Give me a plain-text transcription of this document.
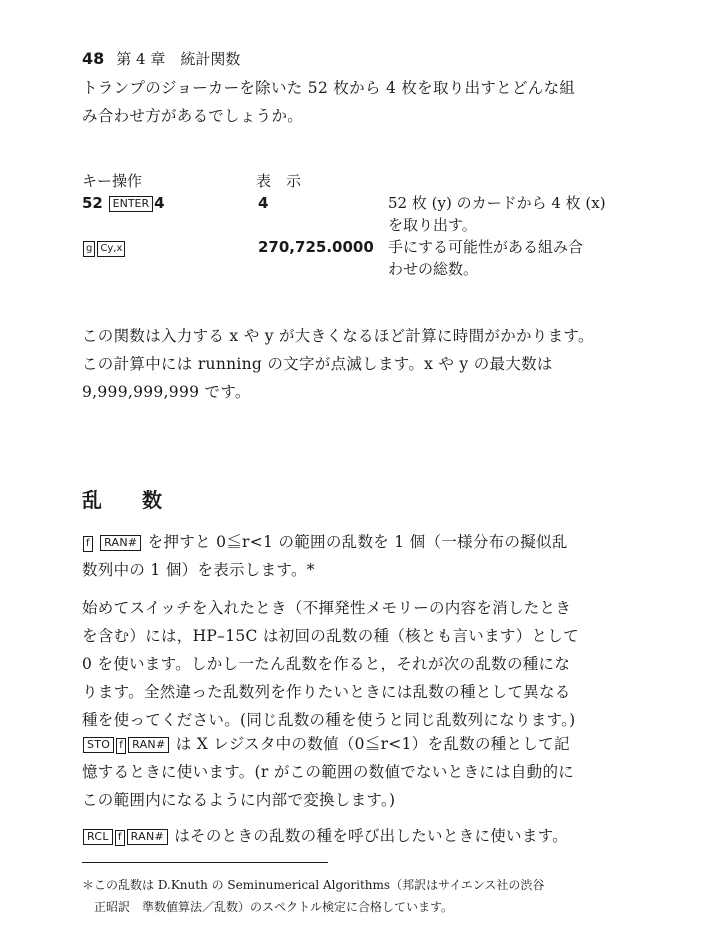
48 第 4 章　統計関数
トランプのジョーカーを除いた 52 枚から 4 枚を取り出すとどんな組
み合わせ方があるでしょうか。
キー操作	表　示
52 ENTER 4	4	52 枚 (y) のカードから 4 枚 (x)
を取り出す。
g Cy,x	270,725.0000 手にする可能性がある組み合
わせの総数。
この関数は入力する x や y が大きくなるほど計算に時間がかかります。
この計算中には running の文字が点滅します。x や y の最大数は
9,999,999,999 です。
乱　　数
f RAN# を押すと 0≦r<1 の範囲の乱数を 1 個（一様分布の擬似乱
数列中の 1 個）を表示します。*
始めてスイッチを入れたとき（不揮発性メモリーの内容を消したとき
を含む）には，HP–15C は初回の乱数の種（核とも言います）として
0 を使います。しかし一たん乱数を作ると，それが次の乱数の種にな
ります。全然違った乱数列を作りたいときには乱数の種として異なる
種を使ってください。(同じ乱数の種を使うと同じ乱数列になります。)
STO f RAN# は X レジスタ中の数値（0≦r<1）を乱数の種として記
憶するときに使います。(r がこの範囲の数値でないときには自動的に
この範囲内になるように内部で変換します。)
RCL f RAN# はそのときの乱数の種を呼び出したいときに使います。
＊この乱数は D.Knuth の Seminumerical Algorithms（邦訳はサイエンス社の渋谷
　正昭訳　準数値算法／乱数）のスペクトル検定に合格しています。
